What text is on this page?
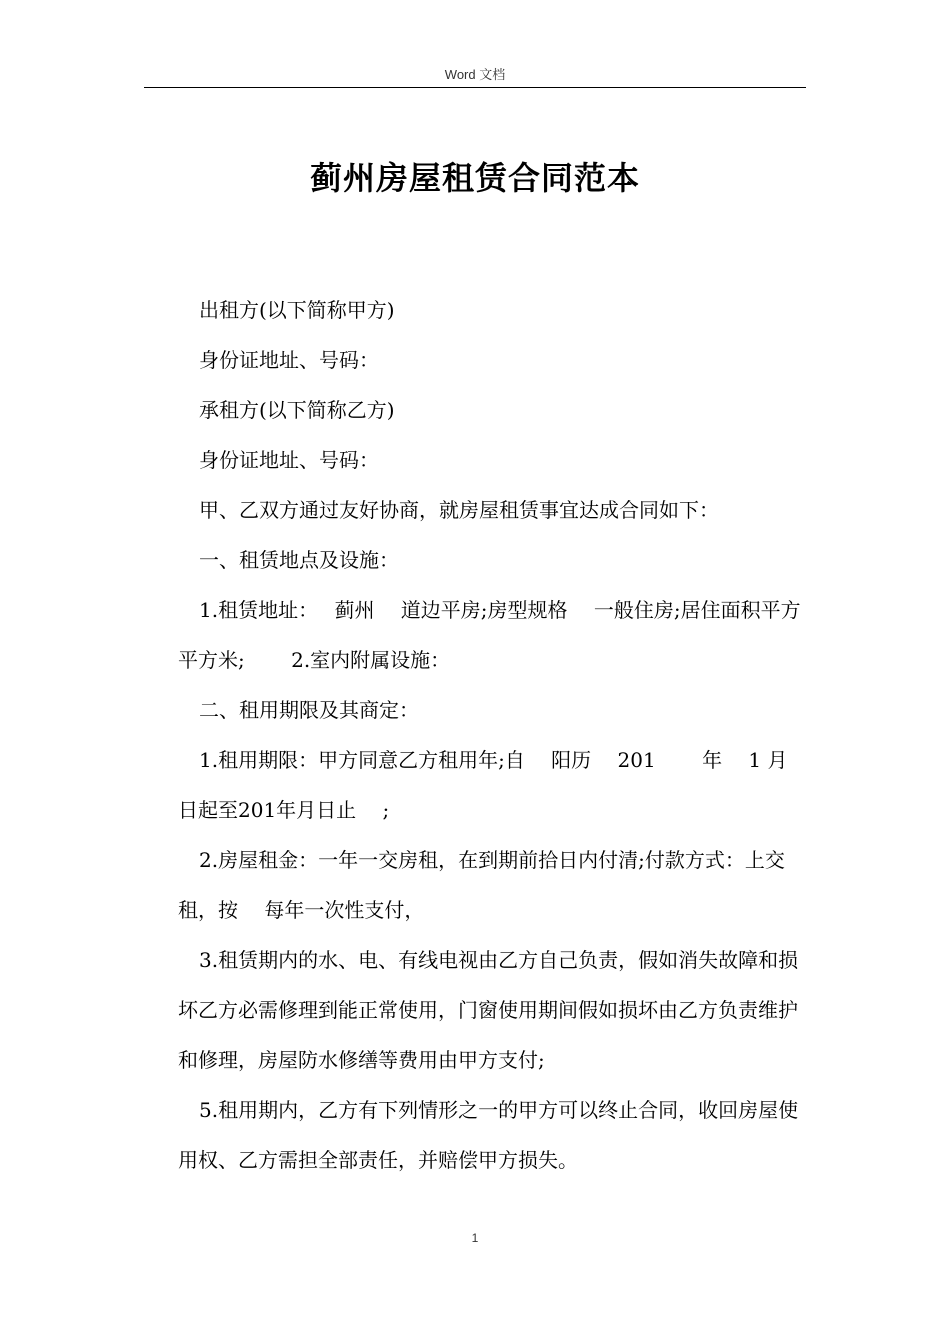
Word 文档
蓟州房屋租赁合同范本

出租方(以下简称甲方)

身份证地址、号码：

承租方(以下简称乙方)

身份证地址、号码：

甲、乙双方通过友好协商，就房屋租赁事宜达成合同如下：

一、租赁地点及设施：

1.租赁地址：　 蓟州　 道边平房;房型规格　 一般住房;居住面积平方　　 平方米;　　 2.室内附属设施：

二、租用期限及其商定：

1.租用期限：甲方同意乙方租用年;自　 阳历　 201　　 年　 1 月　　 日起至201年月日止　 ;

2.房屋租金：一年一交房租，在到期前拾日内付清;付款方式：上交租，按　 每年一次性支付，

3.租赁期内的水、电、有线电视由乙方自己负责，假如消失故障和损坏乙方必需修理到能正常使用，门窗使用期间假如损坏由乙方负责维护和修理，房屋防水修缮等费用由甲方支付;

5.租用期内，乙方有下列情形之一的甲方可以终止合同，收回房屋使用权、乙方需担全部责任，并赔偿甲方损失。

1
